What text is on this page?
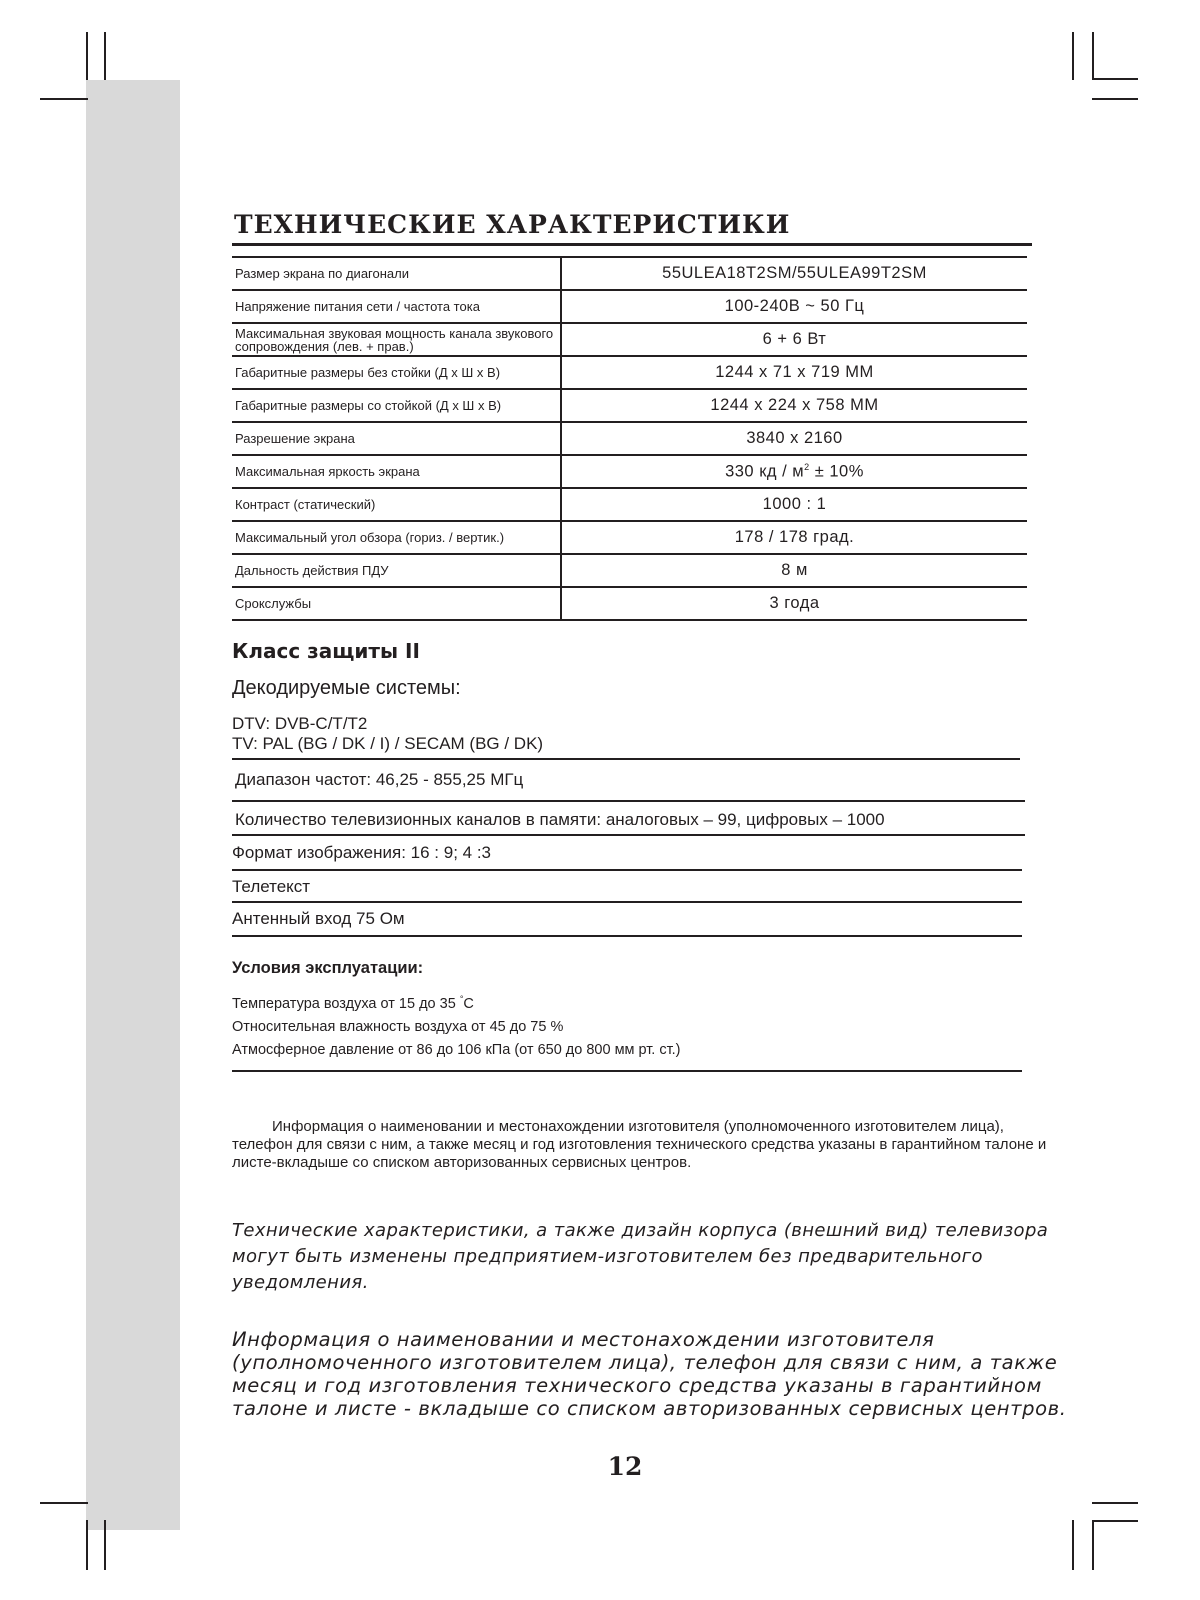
ТЕХНИЧЕСКИЕ ХАРАКТЕРИСТИКИ
Размер экрана по диагонали	55ULEA18T2SM/55ULEA99T2SM
Напряжение питания сети / частота тока	100-240В ~ 50 Гц
Максимальная звуковая мощность канала звукового сопровождения (лев. + прав.)	6 + 6 Вт
Габаритные размеры без стойки (Д х Ш х В)	1244 х 71 х 719 ММ
Габаритные размеры со стойкой (Д х Ш х В)	1244 х 224 х 758 ММ
Разрешение экрана	3840 x 2160
Максимальная яркость экрана	330 кд / $м^2 \pm 10\%$
Контраст (статический)	1000 : 1
Максимальный угол обзора (гориз. / вертик.)	178 / 178 град.
Дальность действия ПДУ	8 м
Срокслужбы	3 года
Класс защиты II
Декодируемые системы:
DTV: DVB-C/T/T2
TV: PAL (BG / DK / I) / SECAM (BG / DK)
Диапазон частот: 46,25 - 855,25 МГц
Количество телевизионных каналов в памяти: аналоговых – 99, цифровых – 1000
Формат изображения: 16 : 9; 4 :3
Телетекст
Антенный вход 75 Ом
Условия эксплуатации:
Температура воздуха от 15 до 35 °С
Относительная влажность воздуха от 45 до 75 %
Атмосферное давление от 86 до 106 кПа (от 650 до 800 мм рт. ст.)

Информация о наименовании и местонахождении изготовителя (уполномоченного изготовителем лица), телефон для связи с ним, а также месяц и год изготовления технического средства указаны в гарантийном талоне и листе-вкладыше со списком авторизованных сервисных центров.

Технические характеристики, а также дизайн корпуса (внешний вид) телевизора могут быть изменены предприятием-изготовителем без предварительного уведомления.

Информация о наименовании и местонахождении изготовителя (уполномоченного изготовителем лица), телефон для связи с ним, а также месяц и год изготовления технического средства указаны в гарантийном талоне и листе - вкладыше со списком авторизованных сервисных центров.

12
